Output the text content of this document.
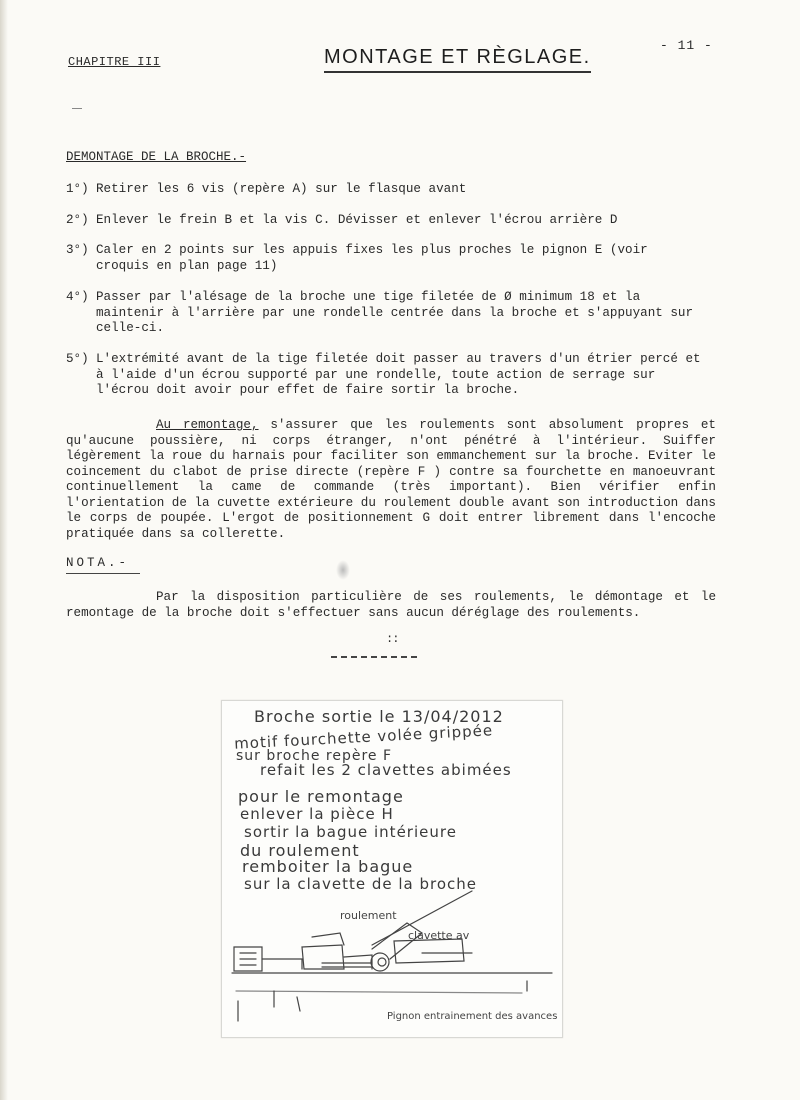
CHAPITRE III	MONTAGE ET RÈGLAGE.
- 11 -
DEMONTAGE DE LA BROCHE.-
1°) Retirer les 6 vis (repère A) sur le flasque avant
2°) Enlever le frein B et la vis C. Dévisser et enlever l'écrou arrière D
3°) Caler en 2 points sur les appuis fixes les plus proches le pignon E (voir croquis en plan page 11)
4°) Passer par l'alésage de la broche une tige filetée de Ø minimum 18 et la maintenir à l'arrière par une rondelle centrée dans la broche et s'appuyant sur celle-ci.
5°) L'extrémité avant de la tige filetée doit passer au travers d'un étrier percé et à l'aide d'un écrou supporté par une rondelle, toute action de serrage sur l'écrou doit avoir pour effet de faire sortir la broche.
Au remontage, s'assurer que les roulements sont absolument propres et qu'aucune poussière, ni corps étranger, n'ont pénétré à l'intérieur. Suiffer légèrement la roue du harnais pour faciliter son emmanchement sur la broche. Eviter le coincement du clabot de prise directe (repère F ) contre sa fourchette en manoeuvrant continuellement la came de commande (très important). Bien vérifier enfin l'orientation de la cuvette extérieure du roulement double avant son introduction dans le corps de poupée. L'ergot de positionnement G doit entrer librement dans l'encoche pratiquée dans sa collerette.
NOTA.-
Par la disposition particulière de ses roulements, le démontage et le remontage de la broche doit s'effectuer sans aucun déréglage des roulements.
::
Broche sortie le 13/04/2012
motif fourchette volée grippée
sur broche repère F
refait les 2 clavettes abimées
pour le remontage
enlever la pièce H
sortir la bague intérieure
du roulement
remboiter la bague
sur la clavette de la broche
roulement
clavette av
Pignon entrainement des avances
